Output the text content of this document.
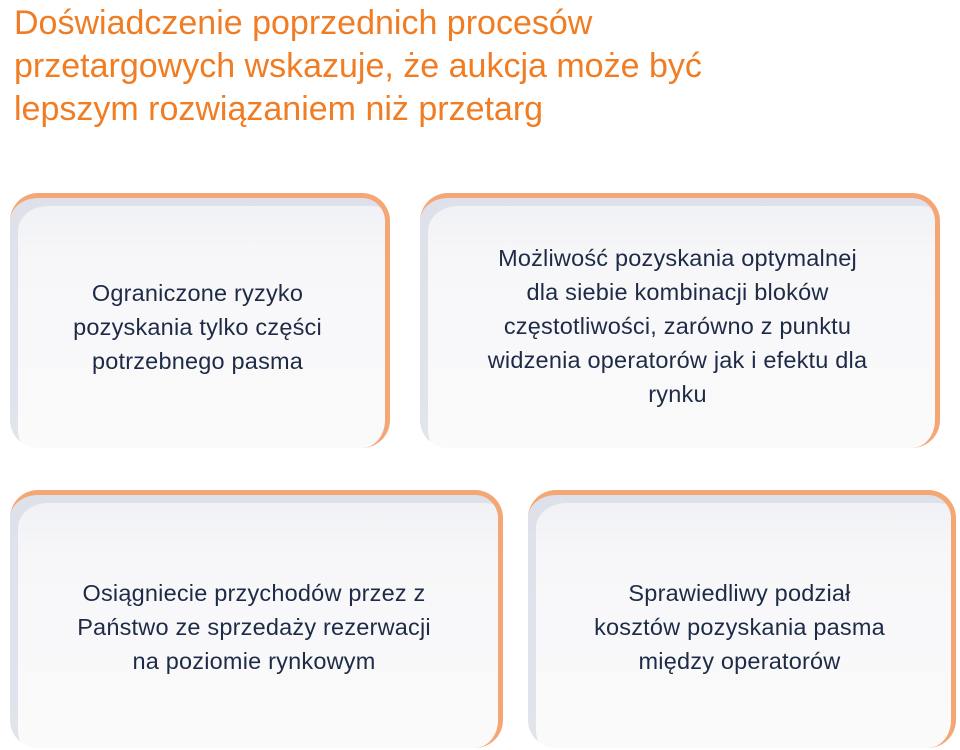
Doświadczenie poprzednich procesów
przetargowych wskazuje, że aukcja może być
lepszym rozwiązaniem niż przetarg
Ograniczone ryzyko
pozyskania tylko części
potrzebnego pasma
Możliwość pozyskania optymalnej
dla siebie kombinacji bloków
częstotliwości, zarówno z punktu
widzenia operatorów jak i efektu dla
rynku
Osiągniecie przychodów przez z
Państwo ze sprzedaży rezerwacji
na poziomie rynkowym
Sprawiedliwy podział
kosztów pozyskania pasma
między operatorów
